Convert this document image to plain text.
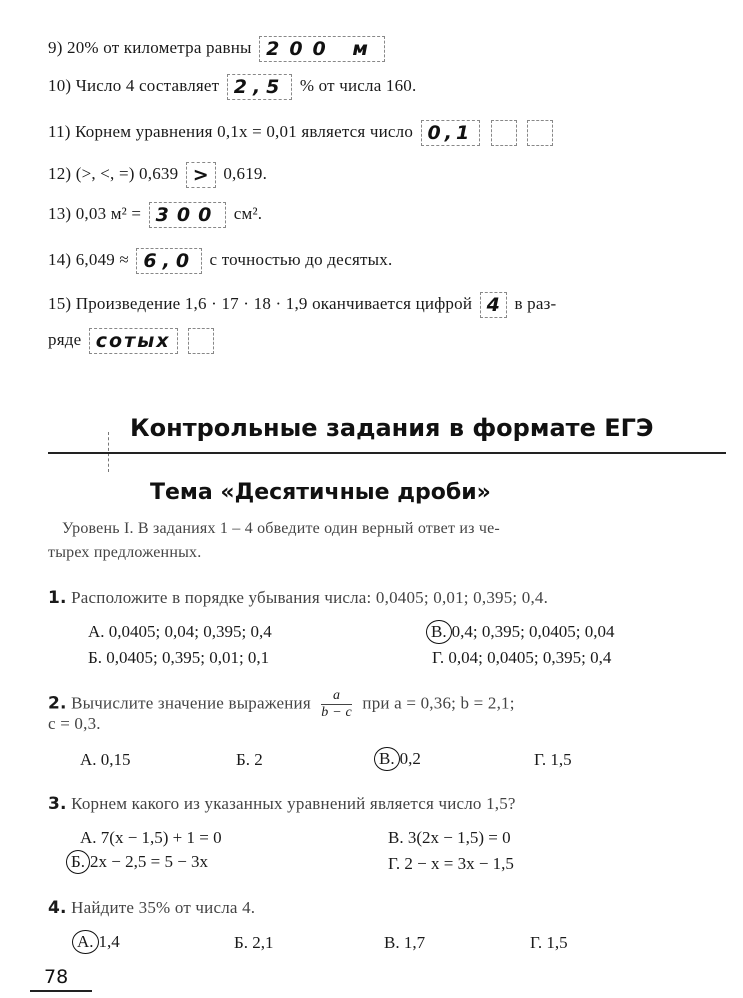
9) 20% от километра равны 200 м
10) Число 4 составляет 2,5 % от числа 160.
11) Корнем уравнения 0,1x = 0,01 является число 0,1
12) (>, <, =) 0,639 > 0,619.
13) 0,03 м² = 300 см².
14) 6,049 ≈ 6,0 с точностью до десятых.
15) Произведение 1,6 · 17 · 18 · 1,9 оканчивается цифрой 4 в раз-
ряде сотых
Контрольные задания в формате ЕГЭ
Тема «Десятичные дроби»
Уровень I. В заданиях 1 – 4 обведите один верный ответ из че-
тырех предложенных.
1. Расположите в порядке убывания числа: 0,0405; 0,01; 0,395; 0,4.
А. 0,0405; 0,04; 0,395; 0,4	В. 0,4; 0,395; 0,0405; 0,04
Б. 0,0405; 0,395; 0,01; 0,1	Г. 0,04; 0,0405; 0,395; 0,4
2. Вычислите значение выражения $\frac{a}{b - c}$ при a = 0,36; b = 2,1;
c = 0,3.
А. 0,15	Б. 2	В. 0,2	Г. 1,5
3. Корнем какого из указанных уравнений является число 1,5?
А. 7(x − 1,5) + 1 = 0	В. 3(2x − 1,5) = 0
Б. 2x − 2,5 = 5 − 3x	Г. 2 − x = 3x − 1,5
4. Найдите 35% от числа 4.
А. 1,4	Б. 2,1	В. 1,7	Г. 1,5
78
